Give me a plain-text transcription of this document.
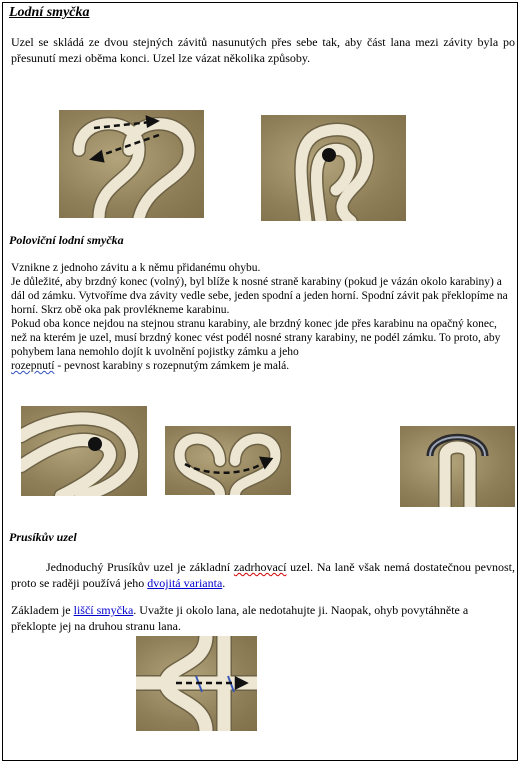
Lodní smyčka

Uzel se skládá ze dvou stejných závitů nasunutých přes sebe tak, aby část lana mezi závity byla po přesunutí mezi oběma konci. Uzel lze vázat několika způsoby.

Poloviční lodní smyčka

Vznikne z jednoho závitu a k němu přidanému ohybu.

Je důležité, aby brzdný konec (volný), byl blíže k nosné straně karabiny (pokud je vázán okolo karabiny) a dál od zámku. Vytvoříme dva závity vedle sebe, jeden spodní a jeden horní. Spodní závit pak překlopíme na horní. Skrz obě oka pak provlékneme karabinu.

Pokud oba konce nejdou na stejnou stranu karabiny, ale brzdný konec jde přes karabinu na opačný konec, než na kterém je uzel, musí brzdný konec vést podél nosné strany karabiny, ne podél zámku. To proto, aby pohybem lana nemohlo dojít k uvolnění pojistky zámku a jeho

rozepnutí - pevnost karabiny s rozepnutým zámkem je malá.

Prusíkův uzel

Jednoduchý Prusíkův uzel je základní zadrhovací uzel. Na laně však nemá dostatečnou pevnost, proto se raději používá jeho dvojitá varianta.

Základem je liščí smyčka. Uvažte ji okolo lana, ale nedotahujte ji. Naopak, ohyb povytáhněte a překlopte jej na druhou stranu lana.
